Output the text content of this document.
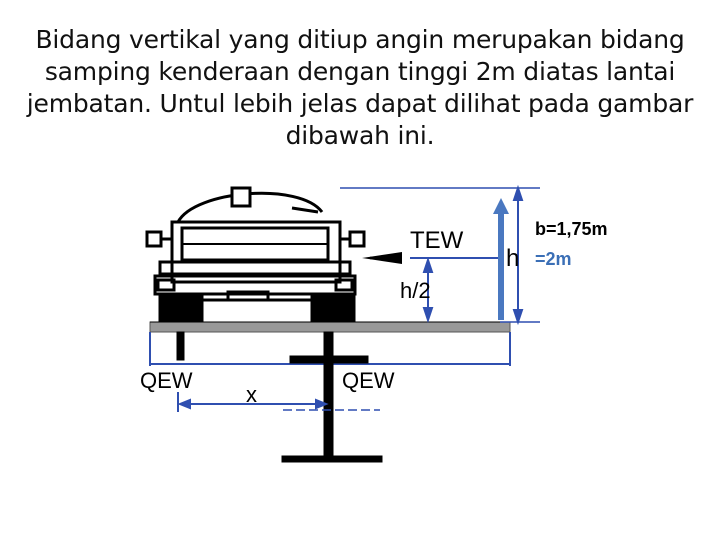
Bidang vertikal yang ditiup angin merupakan bidang
samping kenderaan dengan tinggi 2m diatas lantai
jembatan. Untul lebih jelas dapat dilihat pada gambar
dibawah ini.
TEW
h/2
h
QEW	QEW
x
b=1,75m
=2m
